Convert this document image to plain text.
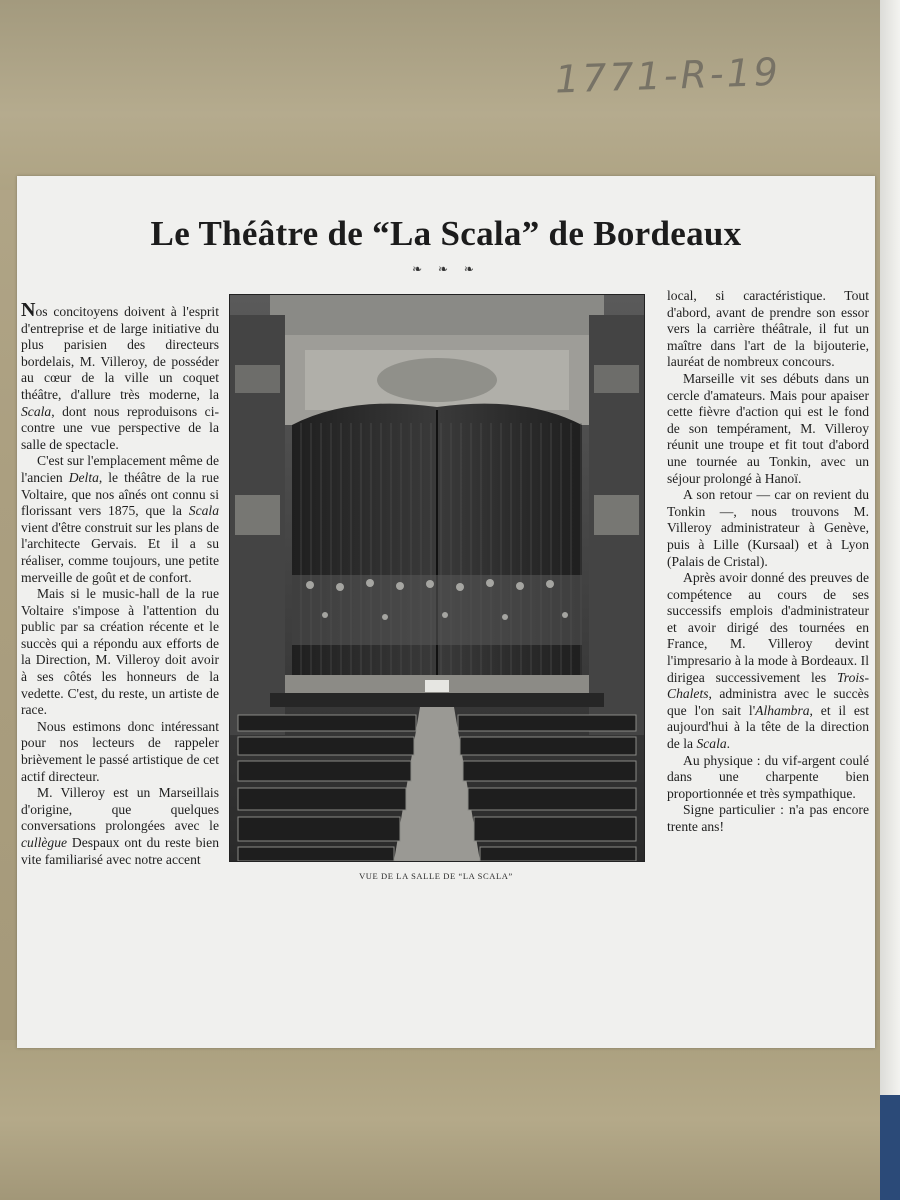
1771-R-19
Le Théâtre de “La Scala” de Bordeaux
❧ ❧ ❧

Nos concitoyens doivent à l'esprit d'entreprise et de large initiative du plus parisien des directeurs bordelais, M. Villeroy, de posséder au cœur de la ville un coquet théâtre, d'allure très moderne, la Scala, dont nous reproduisons ci-contre une vue perspective de la salle de spectacle.

C'est sur l'emplacement même de l'ancien Delta, le théâtre de la rue Voltaire, que nos aînés ont connu si florissant vers 1875, que la Scala vient d'être construit sur les plans de l'architecte Gervais. Et il a su réaliser, comme toujours, une petite merveille de goût et de confort.

Mais si le music-hall de la rue Voltaire s'impose à l'attention du public par sa création récente et le succès qui a répondu aux efforts de la Direction, M. Villeroy doit avoir à ses côtés les honneurs de la vedette. C'est, du reste, un artiste de race.

Nous estimons donc intéressant pour nos lecteurs de rappeler brièvement le passé artistique de cet actif directeur.

M. Villeroy est un Marseillais d'origine, que quelques conversations prolongées avec le cullègue Despaux ont du reste bien vite familiarisé avec notre accent

VUE DE LA SALLE DE “LA SCALA”

local, si caractéristique. Tout d'abord, avant de prendre son essor vers la carrière théâtrale, il fut un maître dans l'art de la bijouterie, lauréat de nombreux concours.

Marseille vit ses débuts dans un cercle d'amateurs. Mais pour apaiser cette fièvre d'action qui est le fond de son tempérament, M. Villeroy réunit une troupe et fit tout d'abord une tournée au Tonkin, avec un séjour prolongé à Hanoï.

A son retour — car on revient du Tonkin —, nous trouvons M. Villeroy administrateur à Genève, puis à Lille (Kursaal) et à Lyon (Palais de Cristal).

Après avoir donné des preuves de compétence au cours de ses successifs emplois d'administrateur et avoir dirigé des tournées en France, M. Villeroy devint l'impresario à la mode à Bordeaux. Il dirigea successivement les Trois-Chalets, administra avec le succès que l'on sait l'Alhambra, et il est aujourd'hui à la tête de la direction de la Scala.

Au physique : du vif-argent coulé dans une charpente bien proportionnée et très sympathique.

Signe particulier : n'a pas encore trente ans!
